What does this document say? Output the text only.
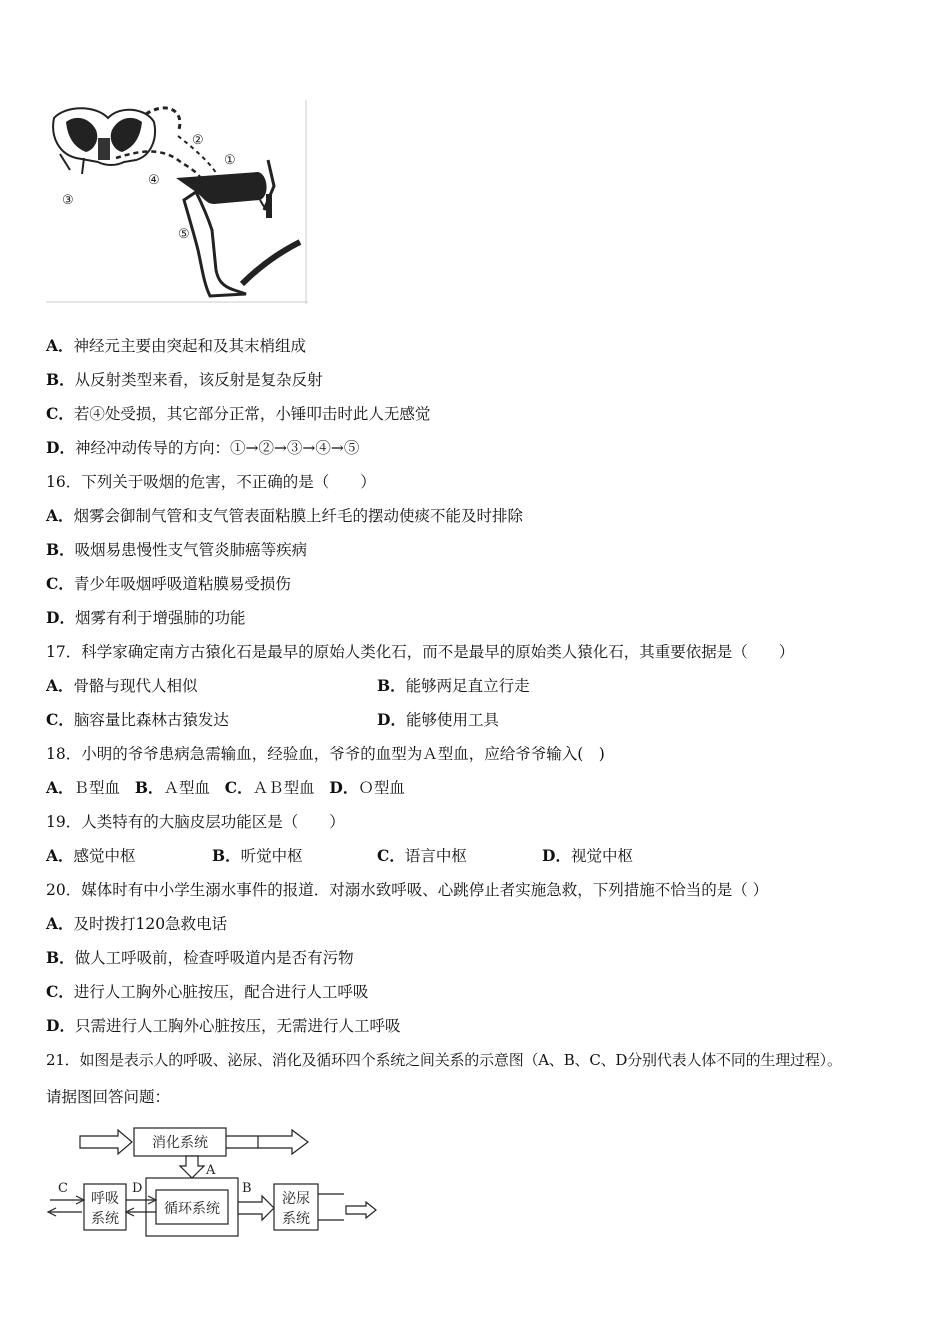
②
①
④
③
⑤
A．神经元主要由突起和及其末梢组成
B．从反射类型来看，该反射是复杂反射
C．若④处受损，其它部分正常，小锤叩击时此人无感觉
D．神经冲动传导的方向：①→②→③→④→⑤
16．下列关于吸烟的危害，不正确的是（　　）
A．烟雾会御制气管和支气管表面粘膜上纤毛的摆动使痰不能及时排除
B．吸烟易患慢性支气管炎肺癌等疾病
C．青少年吸烟呼吸道粘膜易受损伤
D．烟雾有利于增强肺的功能
17．科学家确定南方古猿化石是最早的原始人类化石，而不是最早的原始类人猿化石，其重要依据是（　　）
A．骨骼与现代人相似	B．能够两足直立行走
C．脑容量比森林古猿发达	D．能够使用工具
18．小明的爷爷患病急需输血，经验血，爷爷的血型为Ａ型血，应给爷爷输入(　)
A．Ｂ型血 B．Ａ型血 C．ＡＢ型血 D．Ｏ型血
19．人类特有的大脑皮层功能区是（　　）
A．感觉中枢	B．听觉中枢	C．语言中枢	D．视觉中枢
20．媒体时有中小学生溺水事件的报道．对溺水致呼吸、心跳停止者实施急救，下列措施不恰当的是（ ）
A．及时拨打120急救电话
B．做人工呼吸前，检查呼吸道内是否有污物
C．进行人工胸外心脏按压，配合进行人工呼吸
D．只需进行人工胸外心脏按压，无需进行人工呼吸
21．如图是表示人的呼吸、泌尿、消化及循环四个系统之间关系的示意图（A、B、C、D分别代表人体不同的生理过程）。
请据图回答问题：
消化系统
A
循环系统
呼吸
系统
C	D	B
泌尿
系统
